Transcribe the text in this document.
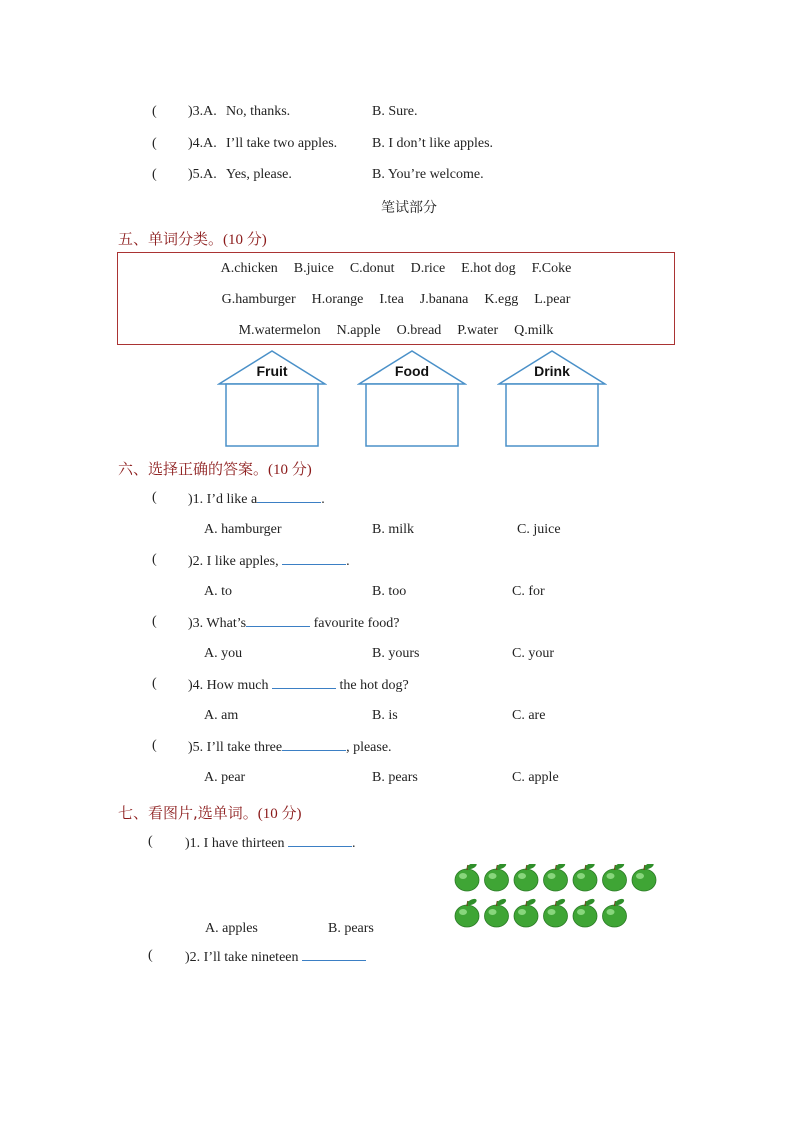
( )3.A. No, thanks.	B. Sure.
( )4.A. I’ll take two apples. B. I don’t like apples.
( )5.A. Yes, please.	B. You’re welcome.
笔试部分
五、单词分类。(10 分)
A.chicken B.juice C.donut D.rice E.hot dog F.Coke
G.hamburger H.orange I.tea J.banana K.egg L.pear
M.watermelon N.apple O.bread P.water Q.milk
Fruit	Food	Drink
六、选择正确的答案。(10 分)
( )1. I’d like a	.
A. hamburger	B. milk	C. juice
( )2. I like apples,	.
A. to	B. too	C. for
( )3. What’s	favourite food?
A. you	B. yours	C. your
( )4. How much	the hot dog?
A. am	B. is	C. are
( )5. I’ll take three	, please.
A. pear	B. pears	C. apple
七、看图片,选单词。(10 分)
( )1. I have thirteen	.
A. apples	B. pears
( )2. I’ll take nineteen
